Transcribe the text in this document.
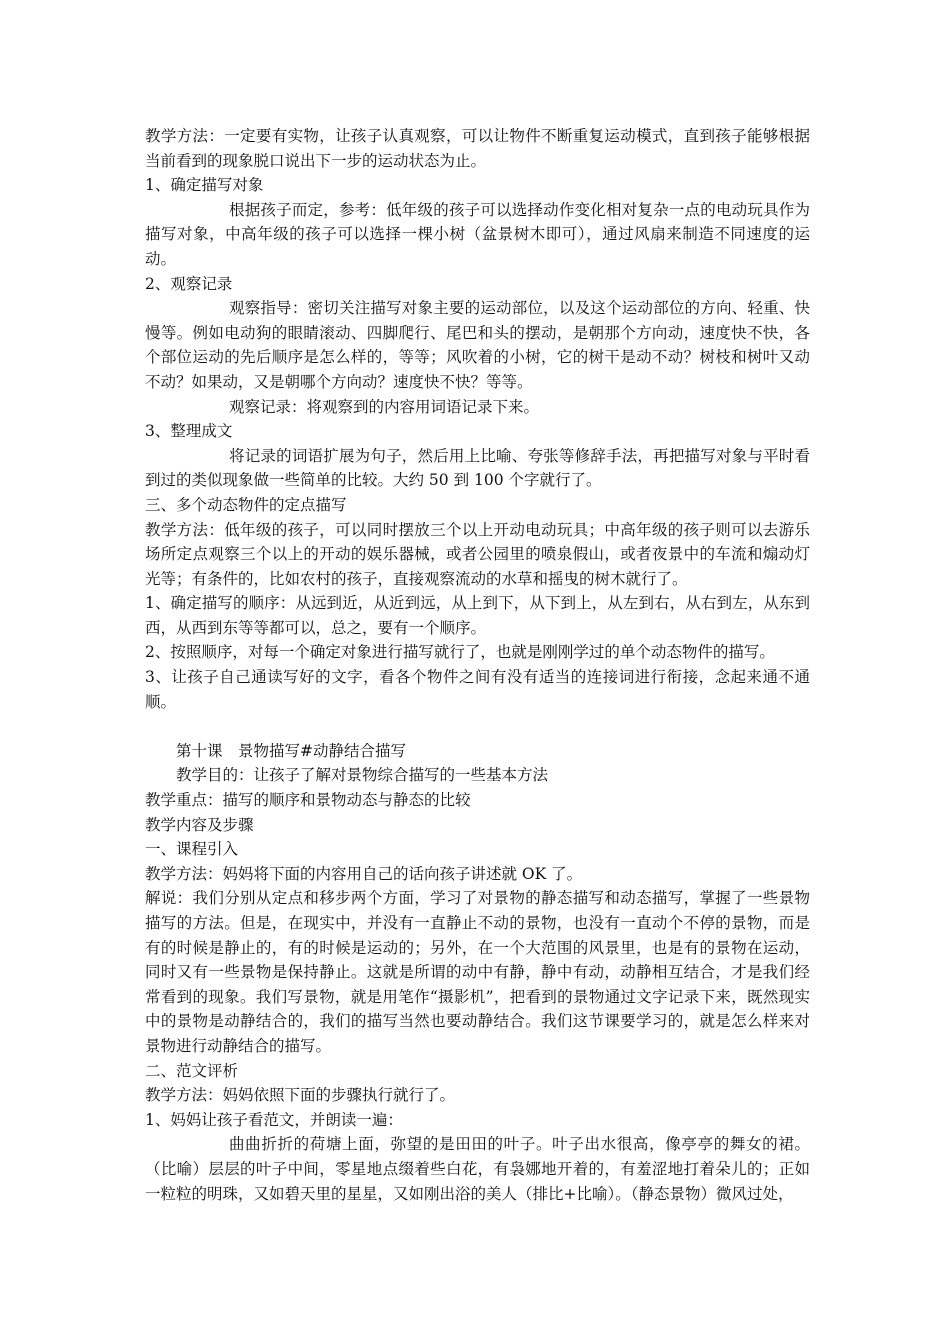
教学方法：一定要有实物，让孩子认真观察，可以让物件不断重复运动模式，直到孩子能够根据当前看到的现象脱口说出下一步的运动状态为止。

1、确定描写对象

根据孩子而定，参考：低年级的孩子可以选择动作变化相对复杂一点的电动玩具作为描写对象，中高年级的孩子可以选择一棵小树（盆景树木即可），通过风扇来制造不同速度的运动。

2、观察记录

观察指导：密切关注描写对象主要的运动部位，以及这个运动部位的方向、轻重、快慢等。例如电动狗的眼睛滚动、四脚爬行、尾巴和头的摆动，是朝那个方向动，速度快不快，各个部位运动的先后顺序是怎么样的，等等；风吹着的小树，它的树干是动不动？树枝和树叶又动不动？如果动，又是朝哪个方向动？速度快不快？等等。

观察记录：将观察到的内容用词语记录下来。

3、整理成文

将记录的词语扩展为句子，然后用上比喻、夸张等修辞手法，再把描写对象与平时看到过的类似现象做一些简单的比较。大约 50 到 100 个字就行了。

三、多个动态物件的定点描写

教学方法：低年级的孩子，可以同时摆放三个以上开动电动玩具；中高年级的孩子则可以去游乐场所定点观察三个以上的开动的娱乐器械，或者公园里的喷泉假山，或者夜景中的车流和煽动灯光等；有条件的，比如农村的孩子，直接观察流动的水草和摇曳的树木就行了。

1、确定描写的顺序：从远到近，从近到远，从上到下，从下到上，从左到右，从右到左，从东到西，从西到东等等都可以，总之，要有一个顺序。

2、按照顺序，对每一个确定对象进行描写就行了，也就是刚刚学过的单个动态物件的描写。

3、让孩子自己通读写好的文字，看各个物件之间有没有适当的连接词进行衔接，念起来通不通顺。

第十课　景物描写#动静结合描写

教学目的：让孩子了解对景物综合描写的一些基本方法

教学重点：描写的顺序和景物动态与静态的比较

教学内容及步骤

一、课程引入

教学方法：妈妈将下面的内容用自己的话向孩子讲述就 OK 了。

解说：我们分别从定点和移步两个方面，学习了对景物的静态描写和动态描写，掌握了一些景物描写的方法。但是，在现实中，并没有一直静止不动的景物，也没有一直动个不停的景物，而是有的时候是静止的，有的时候是运动的；另外，在一个大范围的风景里，也是有的景物在运动，同时又有一些景物是保持静止。这就是所谓的动中有静，静中有动，动静相互结合，才是我们经常看到的现象。我们写景物，就是用笔作“摄影机”，把看到的景物通过文字记录下来，既然现实中的景物是动静结合的，我们的描写当然也要动静结合。我们这节课要学习的，就是怎么样来对景物进行动静结合的描写。

二、范文评析

教学方法：妈妈依照下面的步骤执行就行了。

1、妈妈让孩子看范文，并朗读一遍：

曲曲折折的荷塘上面，弥望的是田田的叶子。叶子出水很高，像亭亭的舞女的裙。（比喻）层层的叶子中间，零星地点缀着些白花，有袅娜地开着的，有羞涩地打着朵儿的；正如一粒粒的明珠，又如碧天里的星星，又如刚出浴的美人（排比+比喻）。（静态景物）微风过处，
